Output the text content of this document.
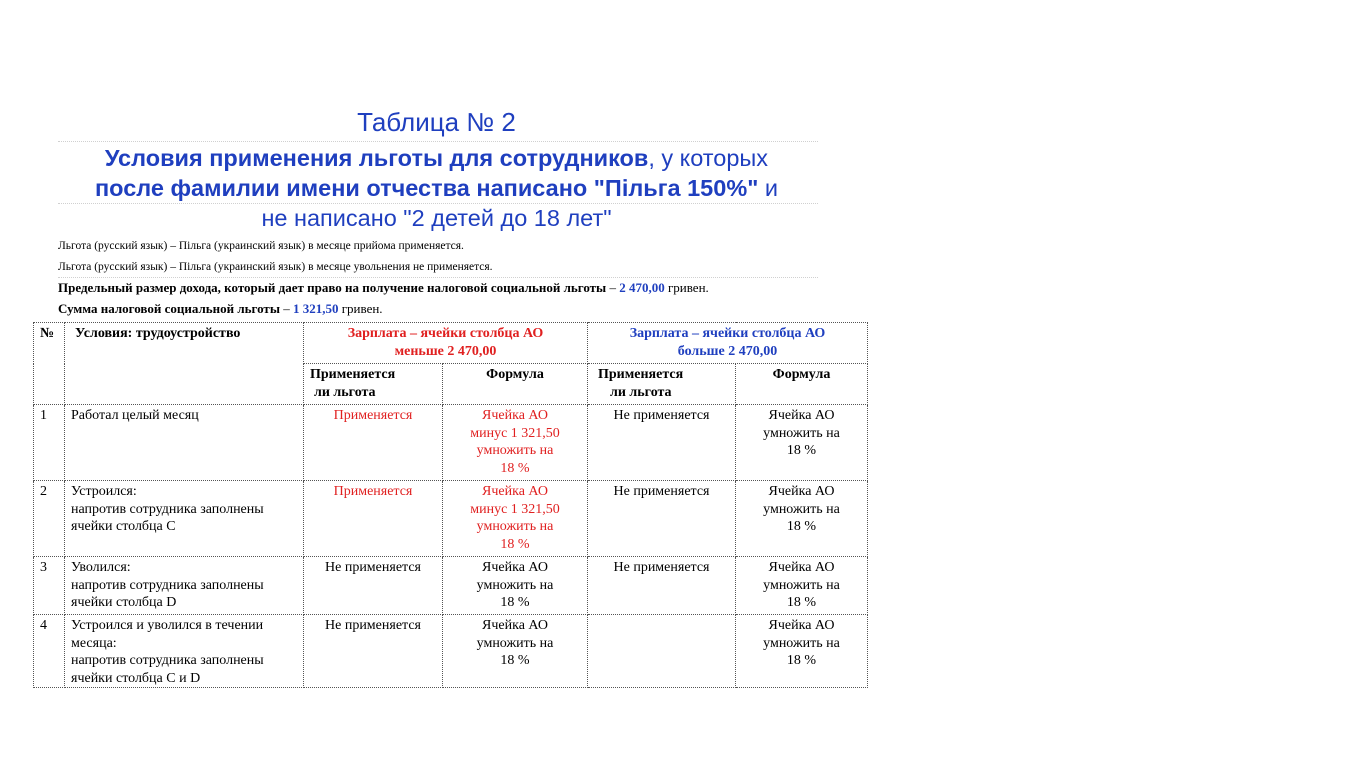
Таблица № 2
Условия применения льготы для сотрудников, у которых
после фамилии имени отчества написано "Пільга 150%" и
не написано "2 детей до 18 лет"
Льгота (русский язык) – Пільга (украинский язык) в месяце прийома применяется.
Льгота (русский язык) – Пільга (украинский язык) в месяце увольнения не применяется.
Предельный размер дохода, который дает право на получение налоговой социальной льготы – 2 470,00 гривен.
Сумма налоговой социальной льготы – 1 321,50 гривен.
№	Условия: трудоустройство	Зарплата – ячейки столбца АО
меньше 2 470,00		Зарплата – ячейки столбца АО
больше 2 470,00	

		Применяется
ли льгота	Формула	Применяется
ли льгота	Формула
1	Работал целый месяц	Применяется	Ячейка АО
минус 1 321,50
умножить на
18 %	Не применяется	Ячейка АО
умножить на
18 %

2	Устроился:
напротив сотрудника заполнены
ячейки столбца С	Применяется	Ячейка АО
минус 1 321,50
умножить на
18 %	Не применяется	Ячейка АО
умножить на
18 %

3	Уволился:
напротив сотрудника заполнены
ячейки столбца D	Не применяется	Ячейка АО
умножить на
18 %	Не применяется	Ячейка АО
умножить на
18 %

4	Устроился и уволился в течении
месяца:
напротив сотрудника заполнены
ячейки столбца С и D	Не применяется	Ячейка АО
умножить на
18 %		Ячейка АО
умножить на
18 %
